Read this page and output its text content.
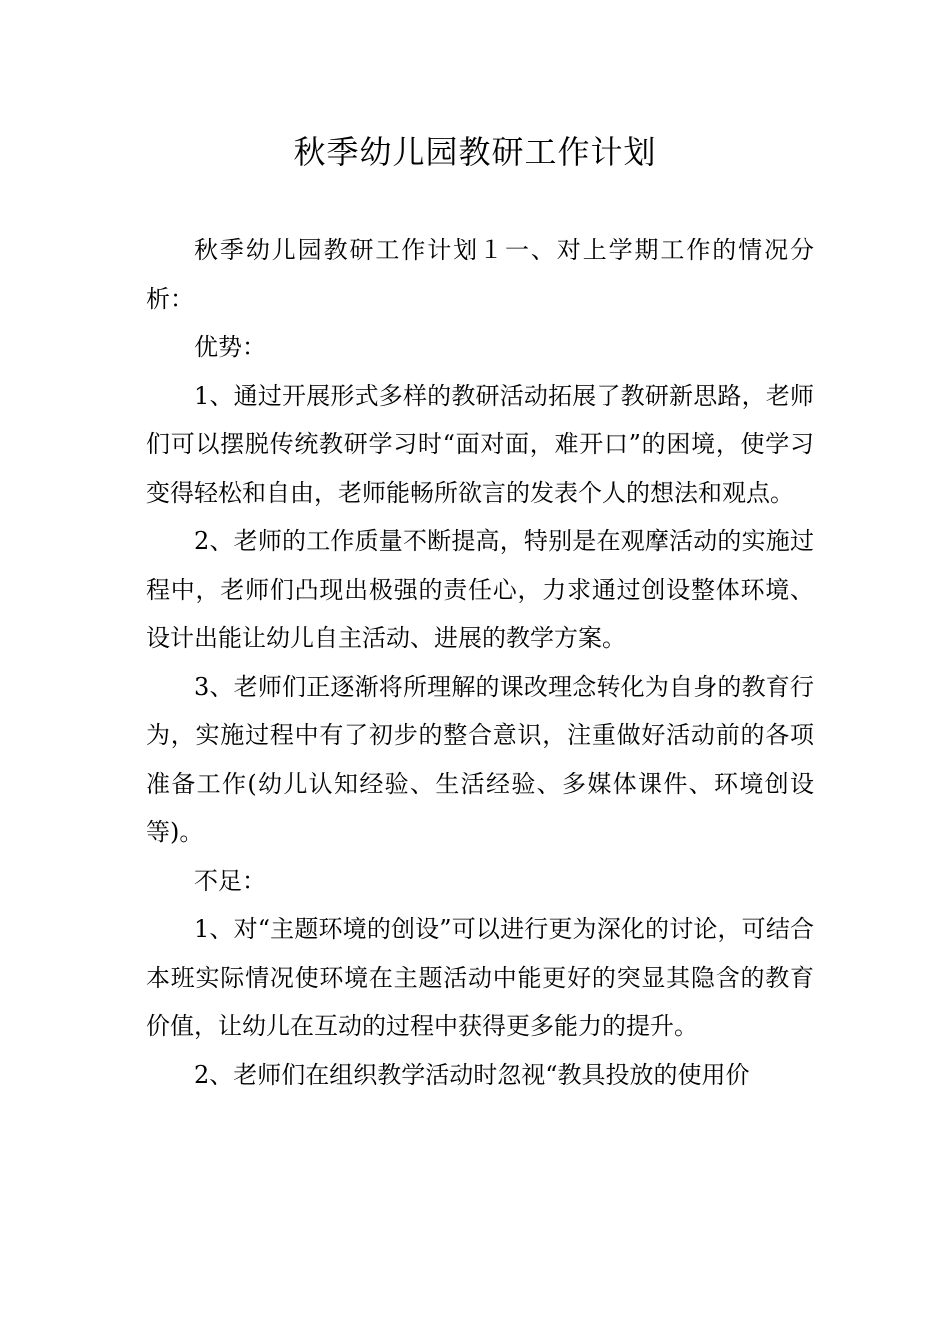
秋季幼儿园教研工作计划

秋季幼儿园教研工作计划１一、对上学期工作的情况分析：

优势：

1、通过开展形式多样的教研活动拓展了教研新思路，老师们可以摆脱传统教研学习时“面对面，难开口”的困境，使学习变得轻松和自由，老师能畅所欲言的发表个人的想法和观点。

2、老师的工作质量不断提高，特别是在观摩活动的实施过程中，老师们凸现出极强的责任心，力求通过创设整体环境、设计出能让幼儿自主活动、进展的教学方案。

3、老师们正逐渐将所理解的课改理念转化为自身的教育行为，实施过程中有了初步的整合意识，注重做好活动前的各项准备工作(幼儿认知经验、生活经验、多媒体课件、环境创设等)。

不足：

1、对“主题环境的创设”可以进行更为深化的讨论，可结合本班实际情况使环境在主题活动中能更好的突显其隐含的教育价值，让幼儿在互动的过程中获得更多能力的提升。

2、老师们在组织教学活动时忽视“教具投放的使用价
